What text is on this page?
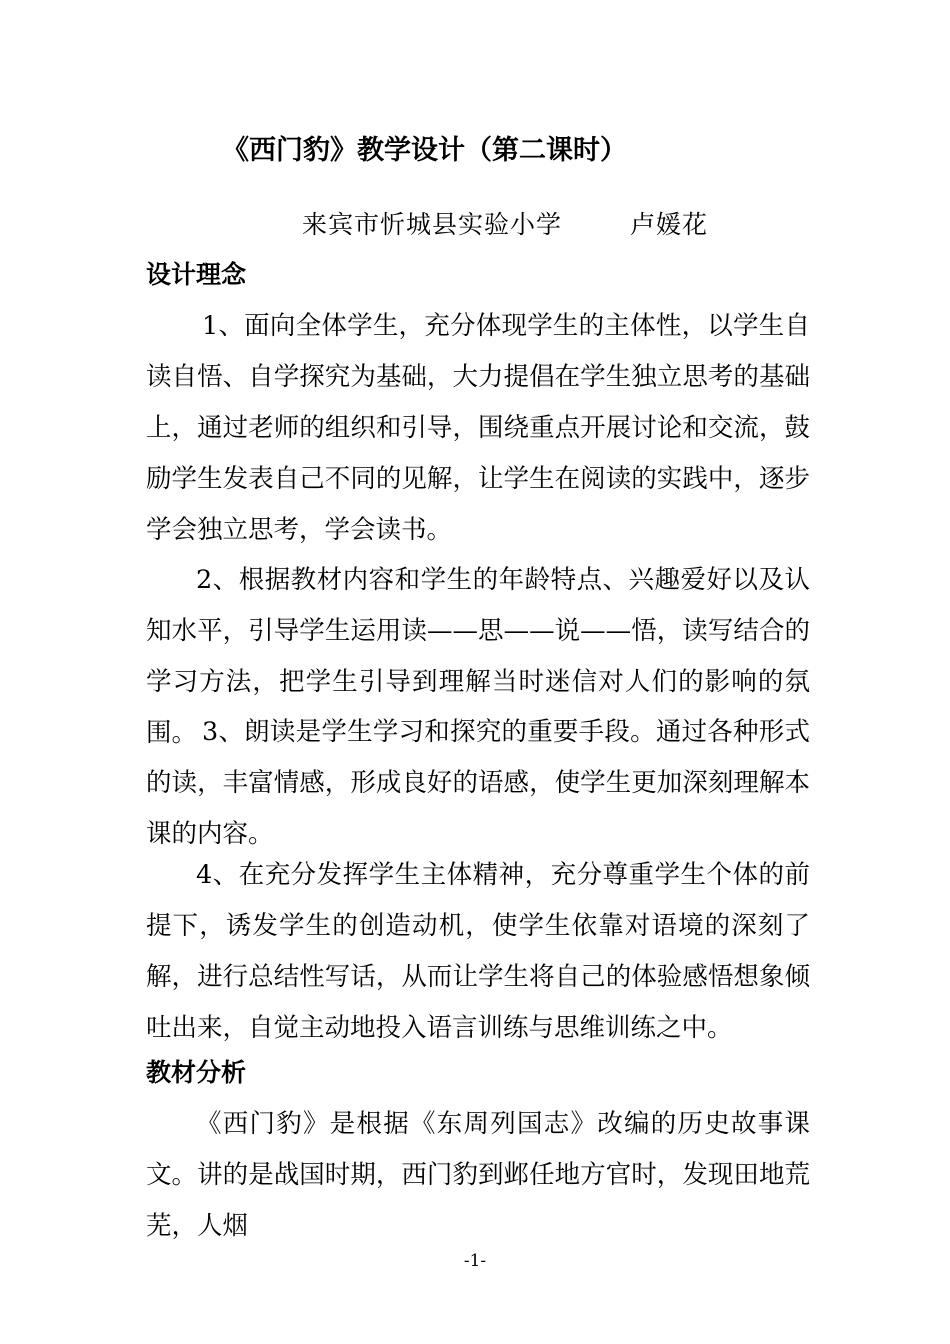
《西门豹》教学设计（第二课时）
来宾市忻城县实验小学	卢媛花
设计理念

1、面向全体学生，充分体现学生的主体性，以学生自读自悟、自学探究为基础，大力提倡在学生独立思考的基础上，通过老师的组织和引导，围绕重点开展讨论和交流，鼓励学生发表自己不同的见解，让学生在阅读的实践中，逐步学会独立思考，学会读书。

2、根据教材内容和学生的年龄特点、兴趣爱好以及认知水平，引导学生运用读——思——说——悟，读写结合的学习方法，把学生引导到理解当时迷信对人们的影响的氛围。 3、朗读是学生学习和探究的重要手段。通过各种形式的读，丰富情感，形成良好的语感，使学生更加深刻理解本课的内容。

4、在充分发挥学生主体精神，充分尊重学生个体的前提下，诱发学生的创造动机，使学生依靠对语境的深刻了解，进行总结性写话，从而让学生将自己的体验感悟想象倾吐出来，自觉主动地投入语言训练与思维训练之中。

教材分析

《西门豹》是根据《东周列国志》改编的历史故事课文。讲的是战国时期，西门豹到邺任地方官时，发现田地荒芜，人烟

-1-
